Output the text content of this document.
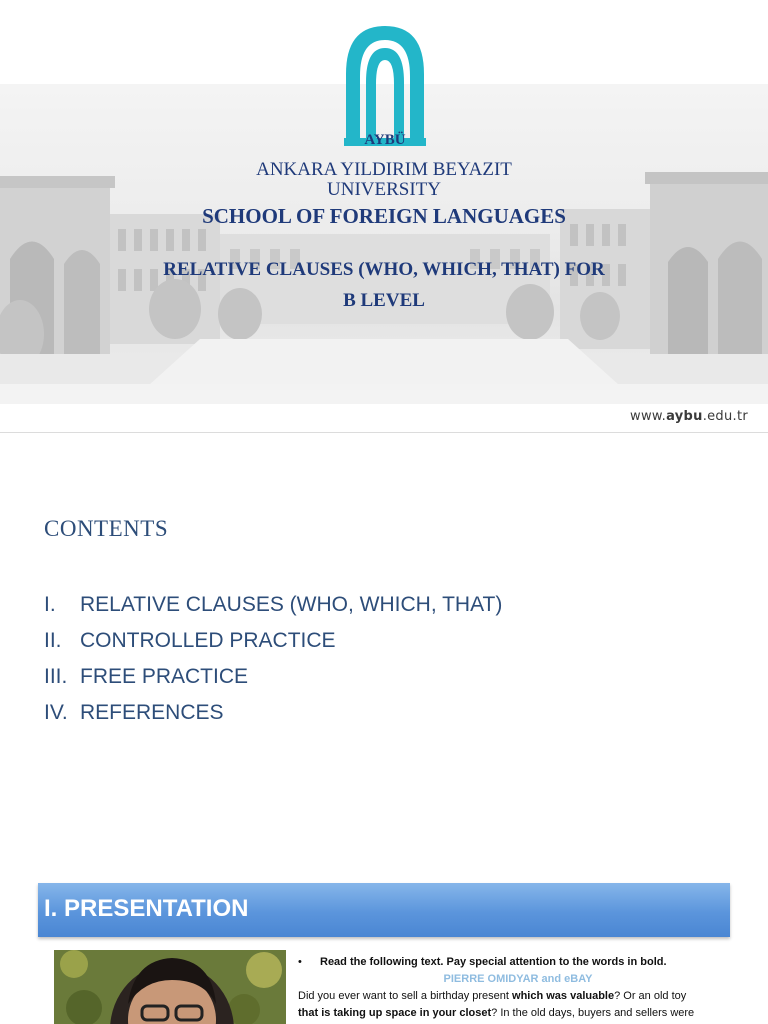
AYBÜ
ANKARA YILDIRIM BEYAZIT
UNIVERSITY
SCHOOL OF FOREIGN LANGUAGES
RELATIVE CLAUSES (WHO, WHICH, THAT) FOR
B LEVEL
www.aybu.edu.tr
CONTENTS
I.	RELATIVE CLAUSES (WHO, WHICH, THAT)
II. CONTROLLED PRACTICE
III. FREE PRACTICE
IV. REFERENCES
I. PRESENTATION
• Read the following text. Pay special attention to the words in bold.
PIERRE OMIDYAR and eBAY
Did you ever want to sell a birthday present which was valuable? Or an old toy
that is taking up space in your closet? In the old days, buyers and sellers were
